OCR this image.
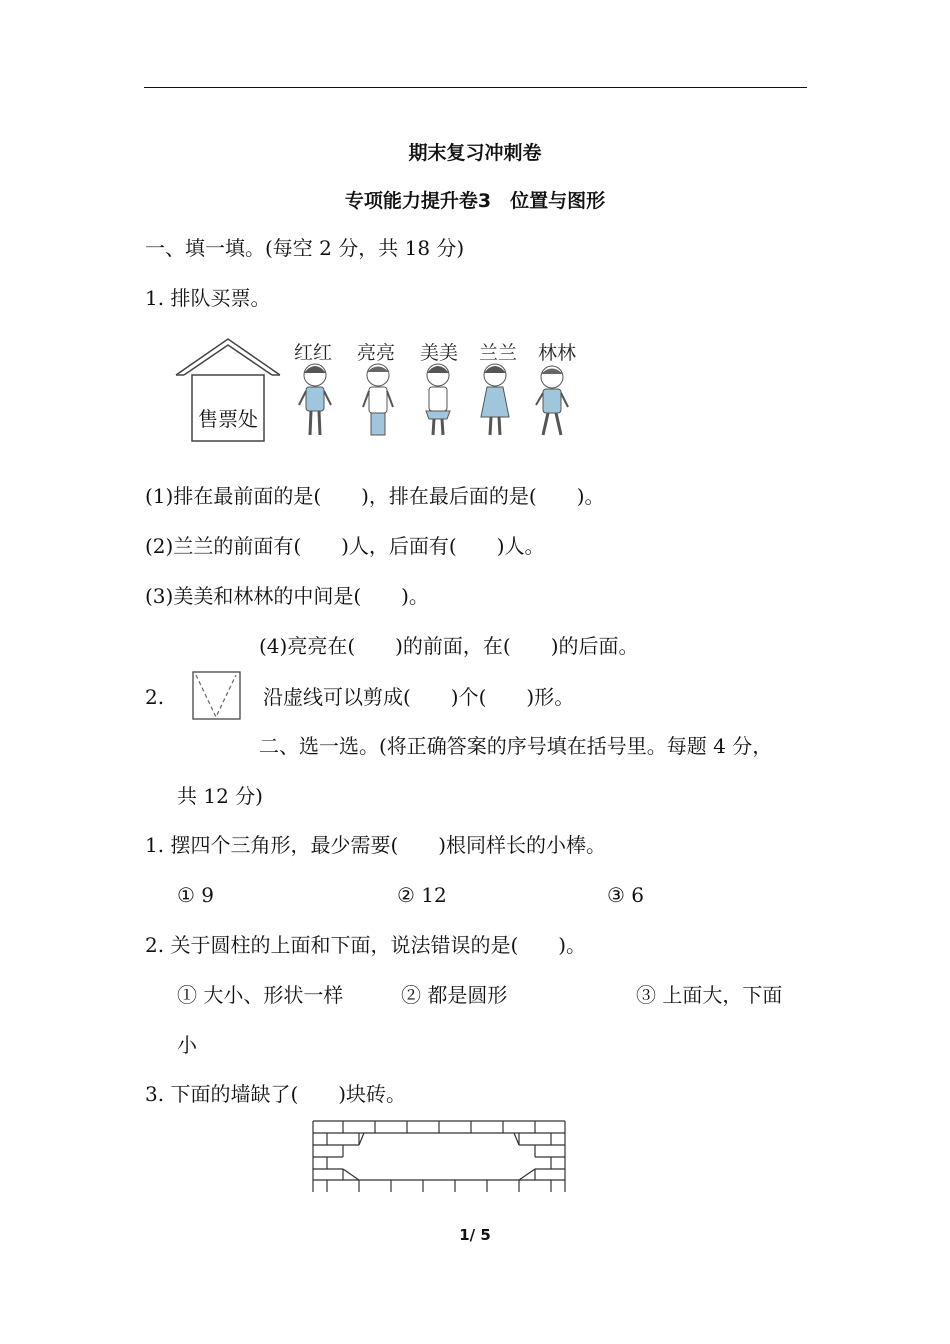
期末复习冲刺卷
专项能力提升卷3　位置与图形
一、填一填。(每空 2 分，共 18 分)
1. 排队买票。
售票处
红红 亮亮 美美 兰兰 林林
(1)排在最前面的是(　　)，排在最后面的是(　　)。
(2)兰兰的前面有(　　)人，后面有(　　)人。
(3)美美和林林的中间是(　　)。
(4)亮亮在(　　)的前面，在(　　)的后面。
2.	沿虚线可以剪成(　　)个(　　)形。
二、选一选。(将正确答案的序号填在括号里。每题 4 分，
共 12 分)
1. 摆四个三角形，最少需要(　　)根同样长的小棒。
① 9	② 12	③ 6
2. 关于圆柱的上面和下面，说法错误的是(　　)。
① 大小、形状一样	② 都是圆形	③ 上面大，下面
小
3. 下面的墙缺了(　　)块砖。
1/ 5
